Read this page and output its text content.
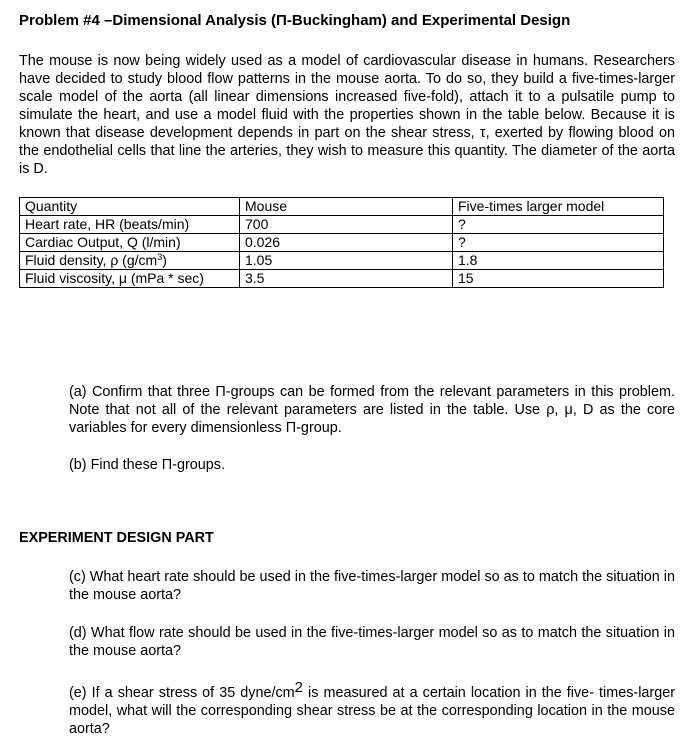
Problem #4 –Dimensional Analysis (Π-Buckingham) and Experimental Design

The mouse is now being widely used as a model of cardiovascular disease in humans. Researchers have decided to study blood flow patterns in the mouse aorta. To do so, they build a five-times-larger scale model of the aorta (all linear dimensions increased five-fold), attach it to a pulsatile pump to simulate the heart, and use a model fluid with the properties shown in the table below. Because it is known that disease development depends in part on the shear stress, τ, exerted by flowing blood on the endothelial cells that line the arteries, they wish to measure this quantity. The diameter of the aorta is D.

Quantity	Mouse	Five-times larger model
Heart rate, HR (beats/min)	700	?
Cardiac Output, Q (l/min)	0.026	?
Fluid density, ρ $(g/cm^3)$	1.05	1.8
Fluid viscosity, μ (mPa * sec)	3.5	15

(a) Confirm that three Π-groups can be formed from the relevant parameters in this problem. Note that not all of the relevant parameters are listed in the table. Use ρ, μ, D as the core variables for every dimensionless Π-group.

(b) Find these Π-groups.

EXPERIMENT DESIGN PART

(c) What heart rate should be used in the five-times-larger model so as to match the situation in the mouse aorta?

(d) What flow rate should be used in the five-times-larger model so as to match the situation in the mouse aorta?

(e) If a shear stress of 35 dyne/$cm^2$ is measured at a certain location in the five- times-larger model, what will the corresponding shear stress be at the corresponding location in the mouse aorta?
